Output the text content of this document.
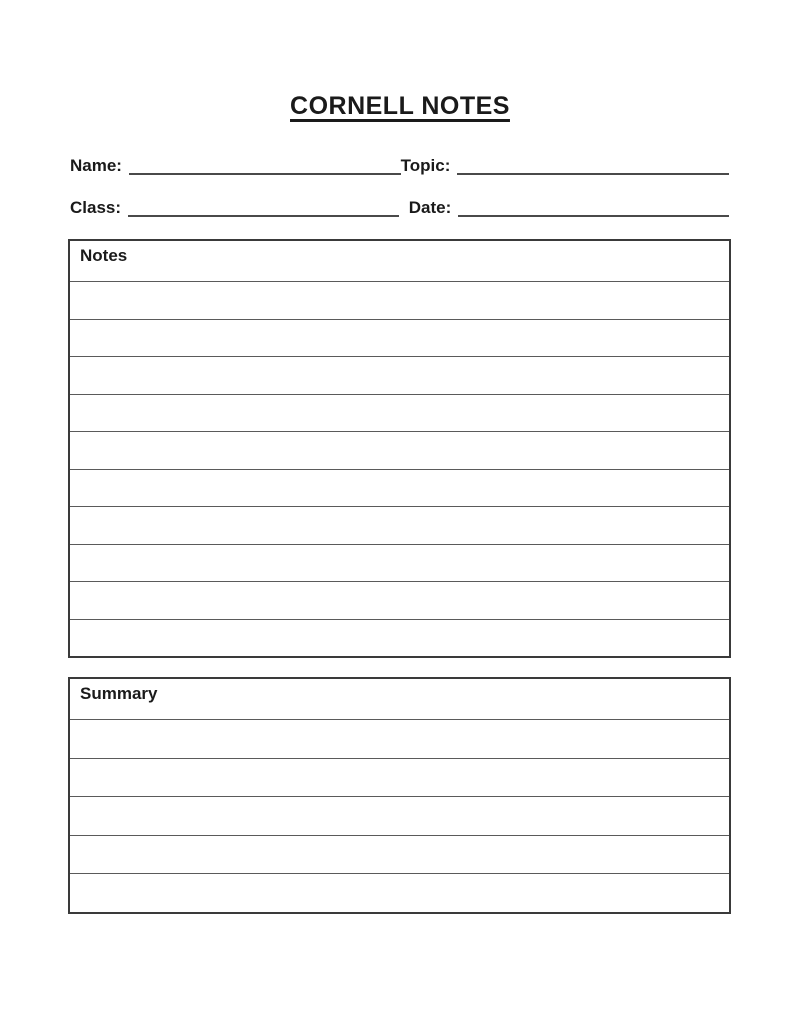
CORNELL NOTES
Name:	Topic:
Class:	Date:
Notes
Summary
